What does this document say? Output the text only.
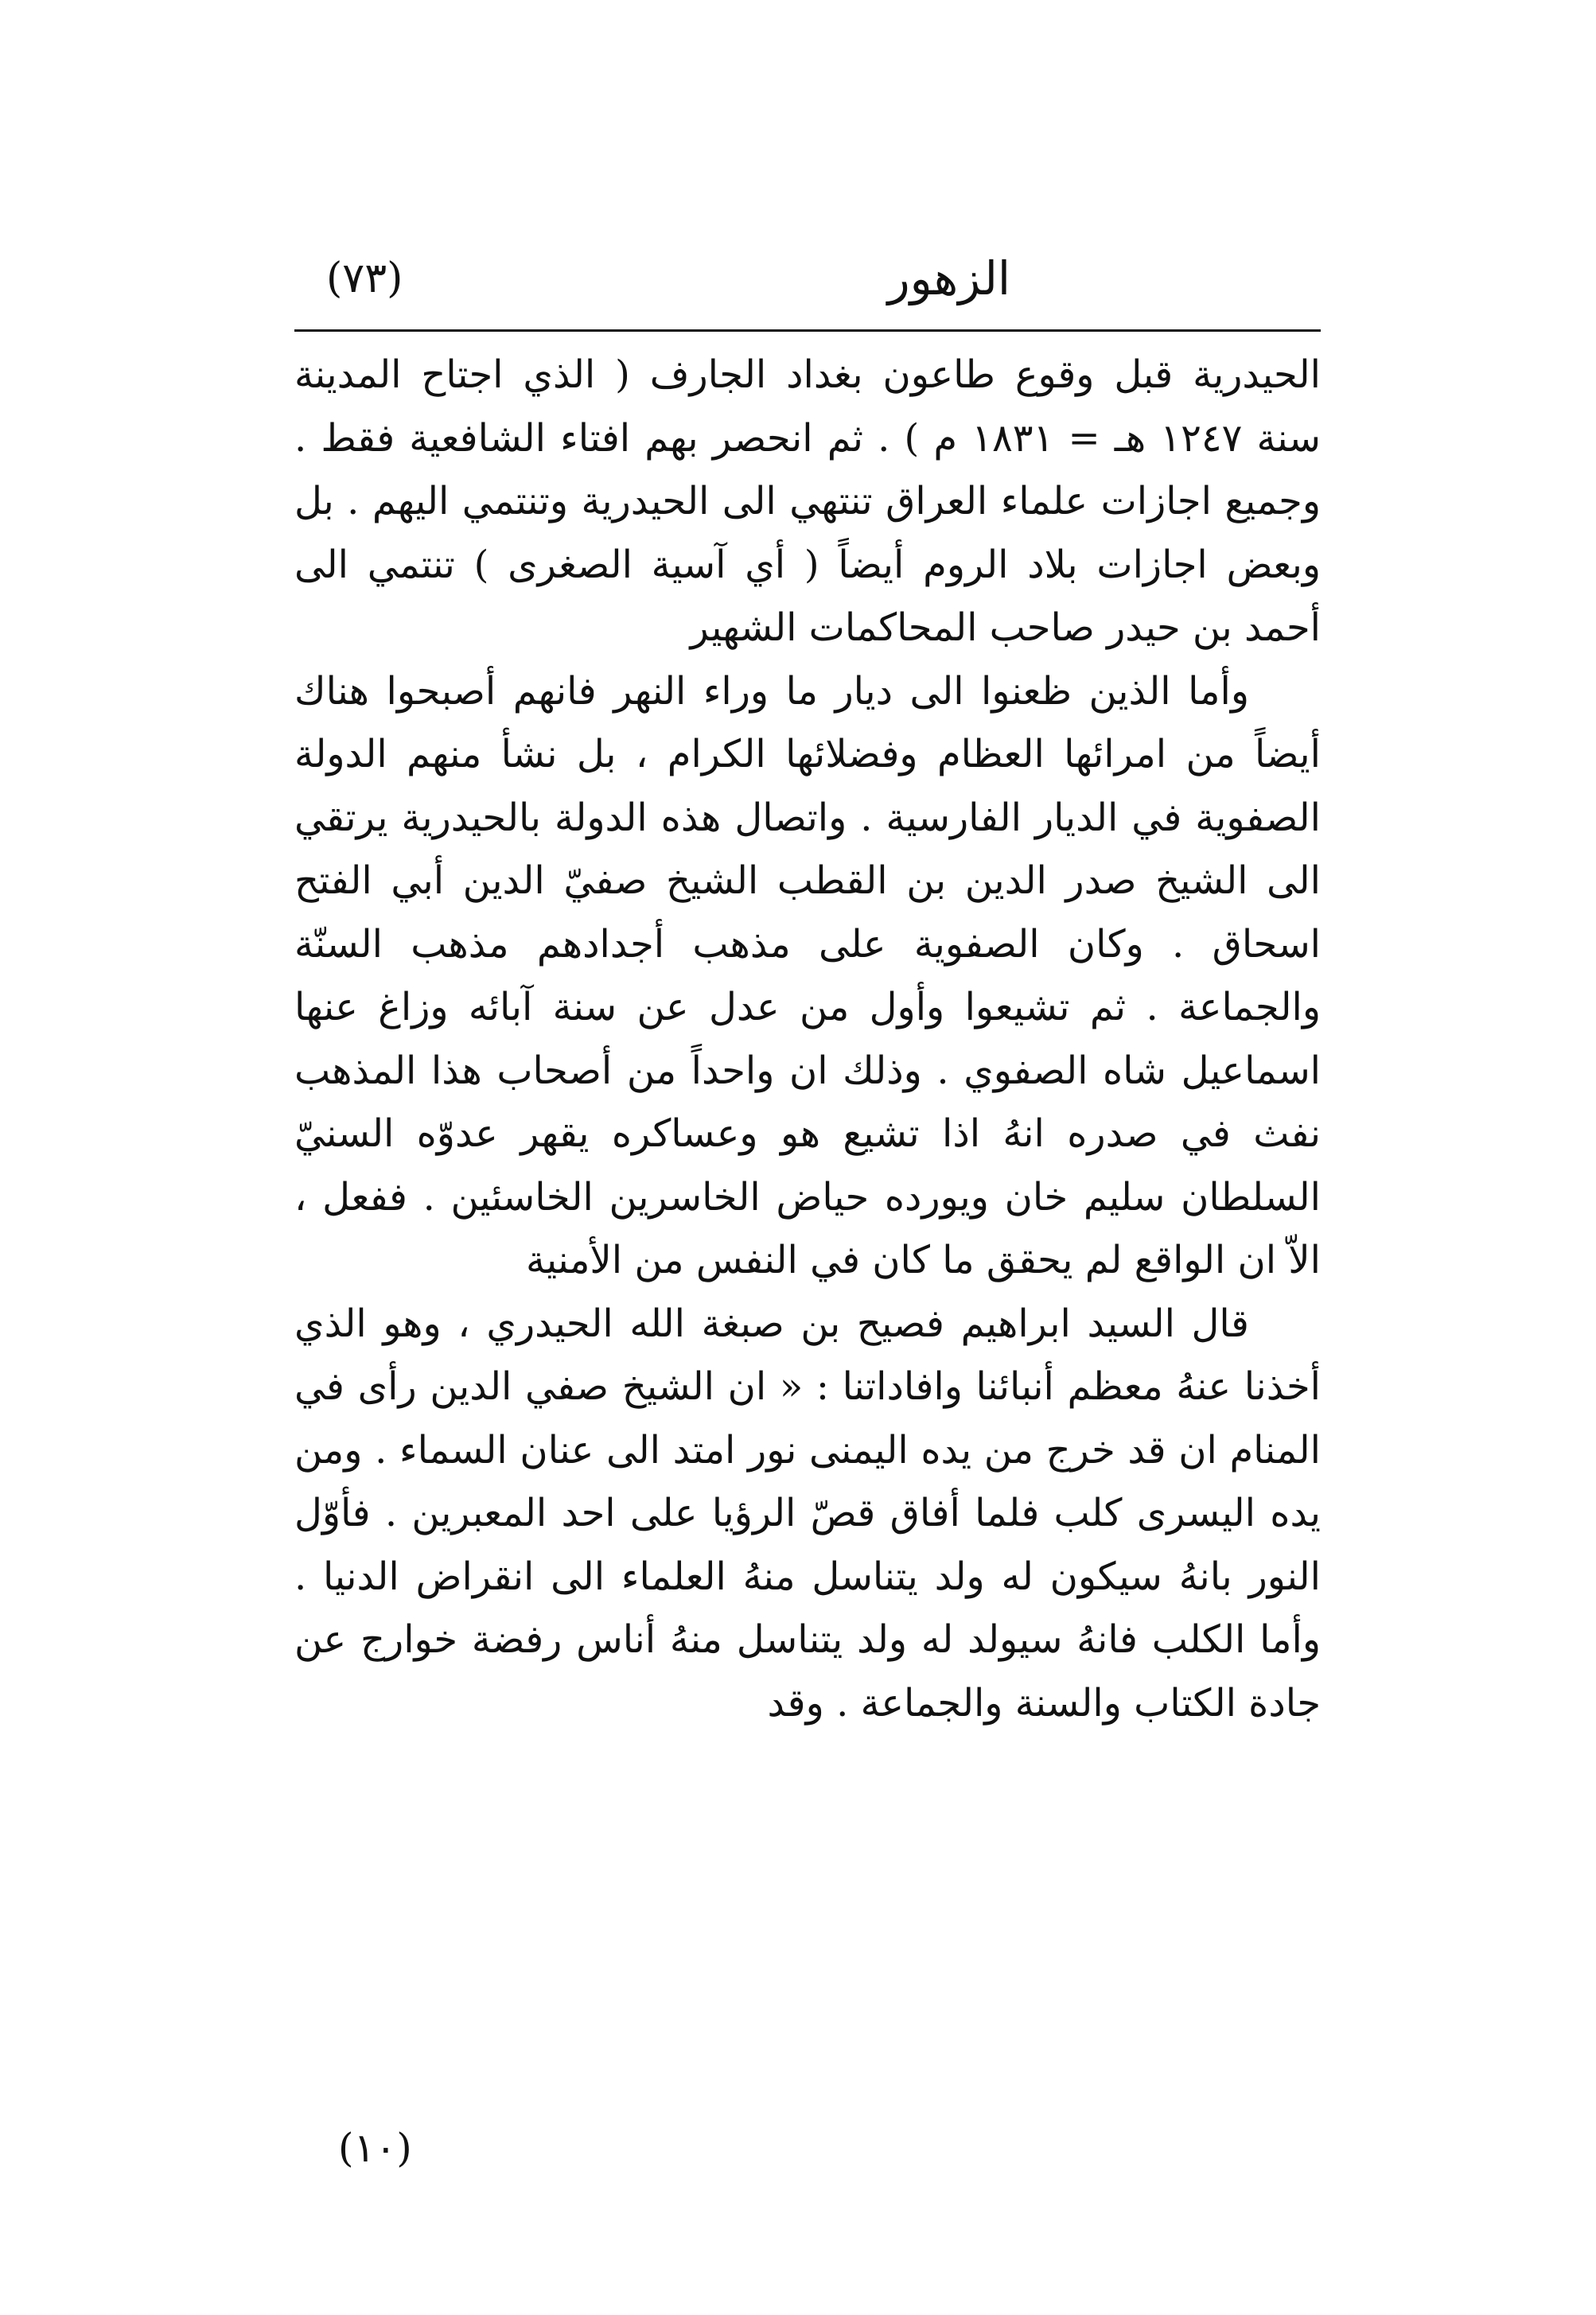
الزهور
(٧٣)

الحيدرية قبل وقوع طاعون بغداد الجارف ( الذي اجتاح المدينة سنة ١٢٤٧ هـ = ١٨٣١ م ) . ثم انحصر بهم افتاء الشافعية فقط . وجميع اجازات علماء العراق تنتهي الى الحيدرية وتنتمي اليهم . بل وبعض اجازات بلاد الروم أيضاً ( أي آسية الصغرى ) تنتمي الى أحمد بن حيدر صاحب المحاكمات الشهير

وأما الذين ظعنوا الى ديار ما وراء النهر فانهم أصبحوا هناك أيضاً من امرائها العظام وفضلائها الكرام ، بل نشأ منهم الدولة الصفوية في الديار الفارسية . واتصال هذه الدولة بالحيدرية يرتقي الى الشيخ صدر الدين بن القطب الشيخ صفيّ الدين أبي الفتح اسحاق . وكان الصفوية على مذهب أجدادهم مذهب السنّة والجماعة . ثم تشيعوا وأول من عدل عن سنة آبائه وزاغ عنها اسماعيل شاه الصفوي . وذلك ان واحداً من أصحاب هذا المذهب نفث في صدره انهُ اذا تشيع هو وعساكره يقهر عدوّه السنيّ السلطان سليم خان ويورده حياض الخاسرين الخاسئين . ففعل ، الاّ ان الواقع لم يحقق ما كان في النفس من الأمنية

قال السيد ابراهيم فصيح بن صبغة الله الحيدري ، وهو الذي أخذنا عنهُ معظم أنبائنا وافاداتنا : « ان الشيخ صفي الدين رأى في المنام ان قد خرج من يده اليمنى نور امتد الى عنان السماء . ومن يده اليسرى كلب فلما أفاق قصّ الرؤيا على احد المعبرين . فأوّل النور بانهُ سيكون له ولد يتناسل منهُ العلماء الى انقراض الدنيا . وأما الكلب فانهُ سيولد له ولد يتناسل منهُ أناس رفضة خوارج عن جادة الكتاب والسنة والجماعة . وقد

(١٠)
